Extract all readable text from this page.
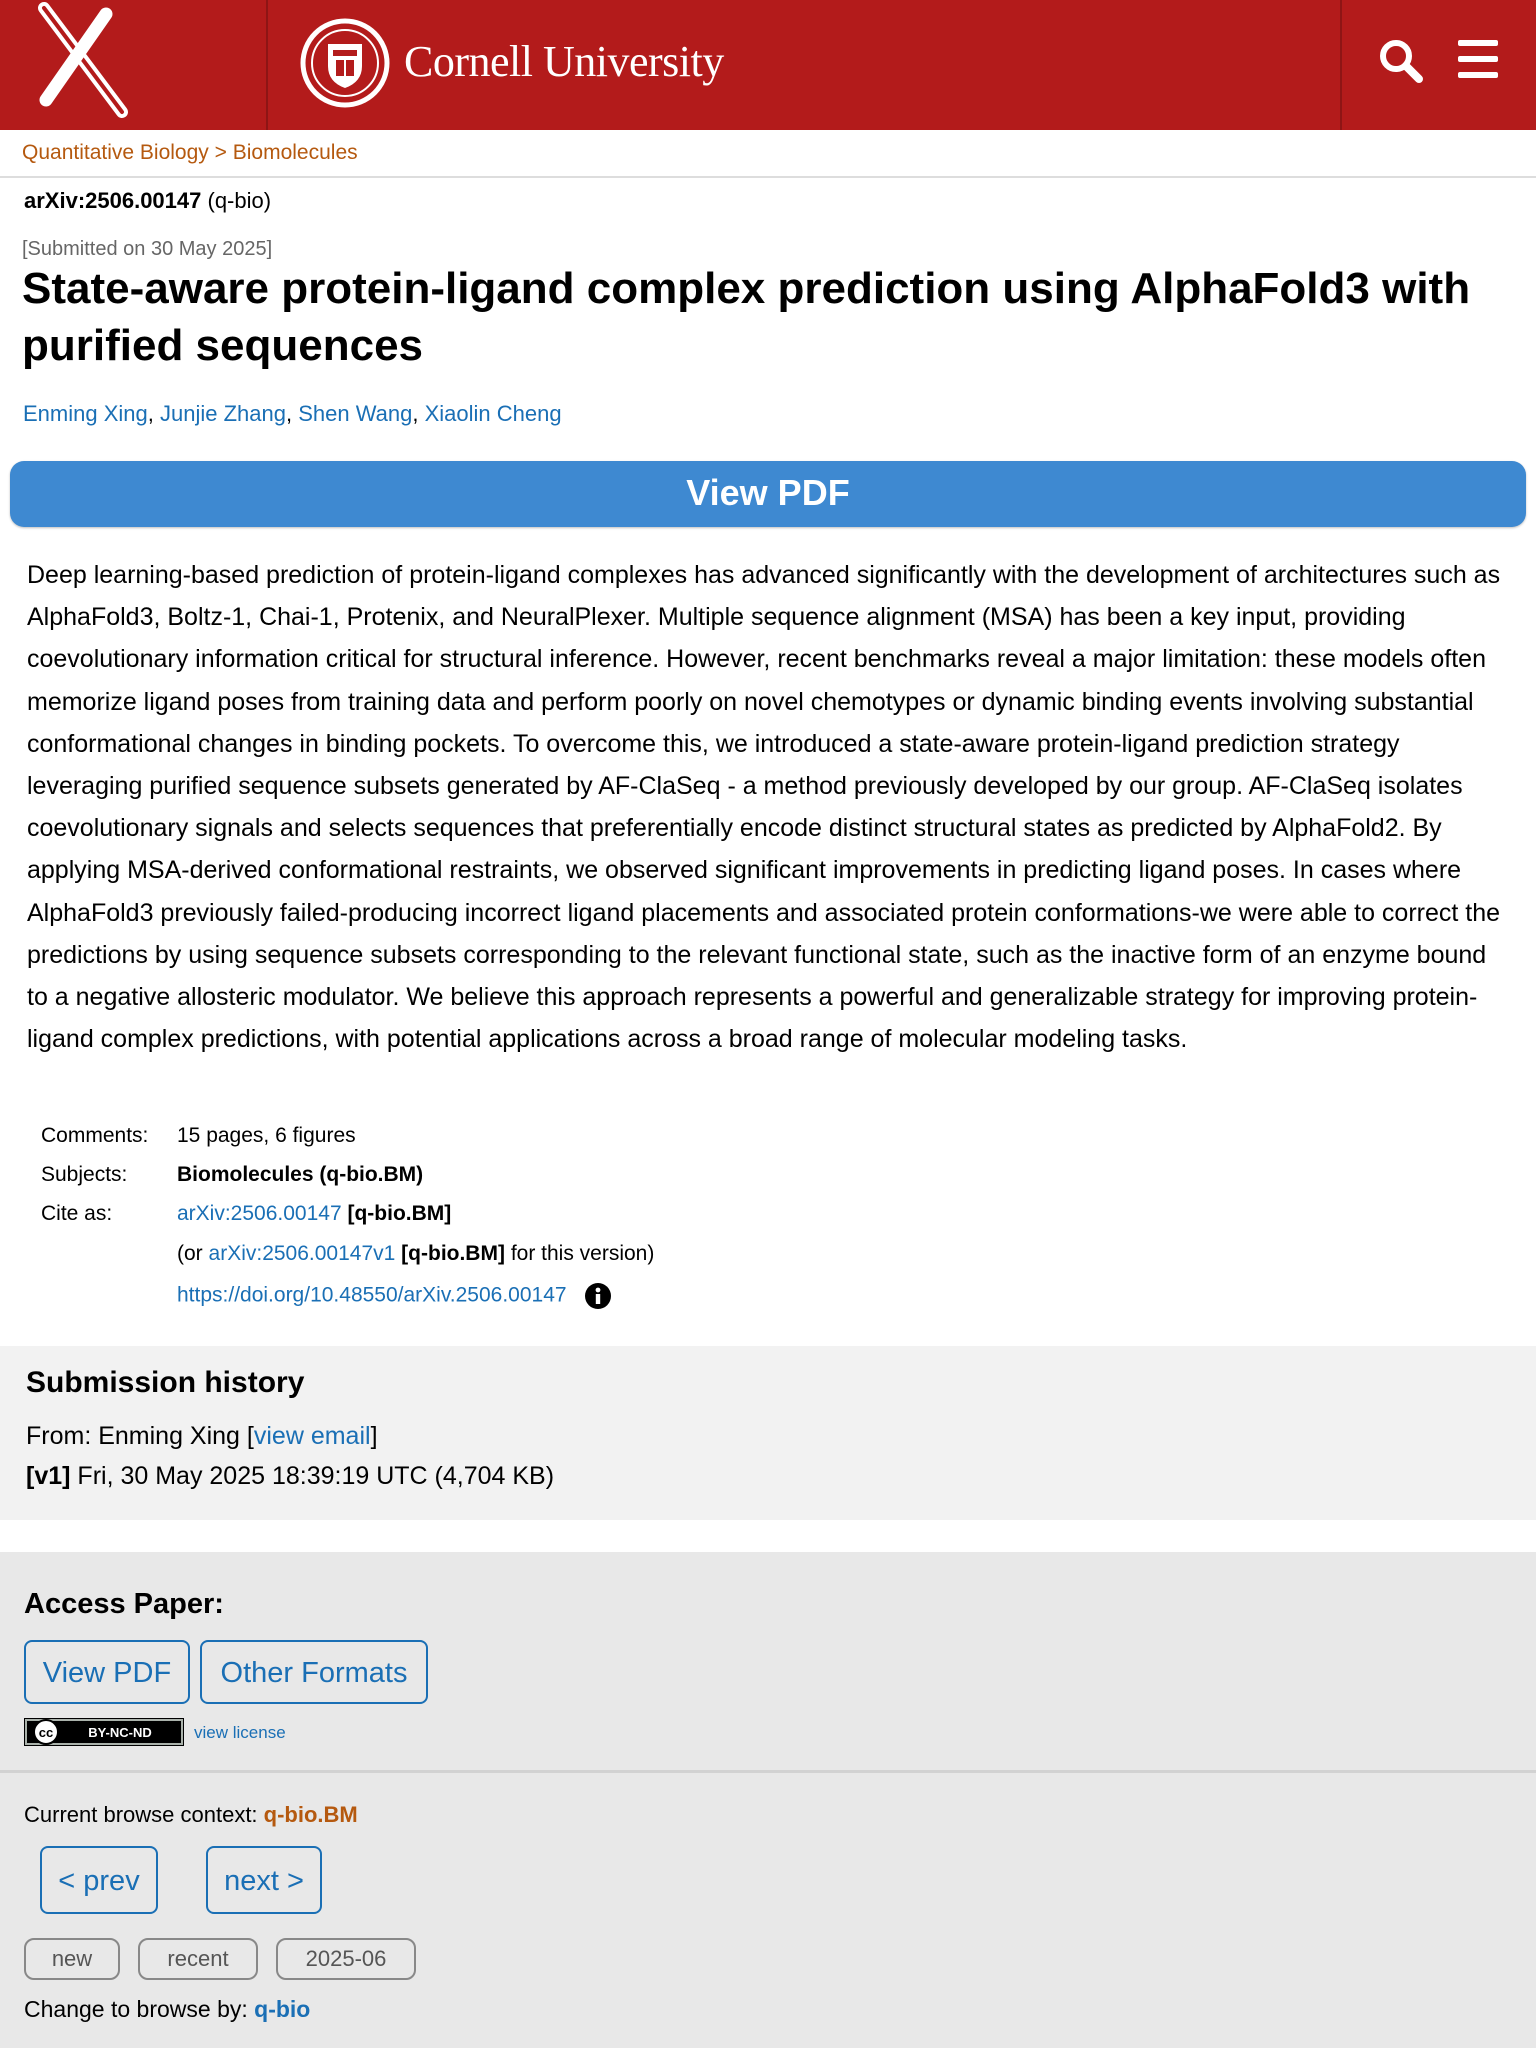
Cornell University
Quantitative Biology > Biomolecules
arXiv:2506.00147 (q-bio)
[Submitted on 30 May 2025]
State-aware protein-ligand complex prediction using AlphaFold3 with purified sequences
Enming Xing, Junjie Zhang, Shen Wang, Xiaolin Cheng
View PDF

Deep learning-based prediction of protein-ligand complexes has advanced significantly with the development of architectures such as AlphaFold3, Boltz-1, Chai-1, Protenix, and NeuralPlexer. Multiple sequence alignment (MSA) has been a key input, providing coevolutionary information critical for structural inference. However, recent benchmarks reveal a major limitation: these models often memorize ligand poses from training data and perform poorly on novel chemotypes or dynamic binding events involving substantial conformational changes in binding pockets. To overcome this, we introduced a state-aware protein-ligand prediction strategy leveraging purified sequence subsets generated by AF-ClaSeq - a method previously developed by our group. AF-ClaSeq isolates coevolutionary signals and selects sequences that preferentially encode distinct structural states as predicted by AlphaFold2. By applying MSA-derived conformational restraints, we observed significant improvements in predicting ligand poses. In cases where AlphaFold3 previously failed-producing incorrect ligand placements and associated protein conformations-we were able to correct the predictions by using sequence subsets corresponding to the relevant functional state, such as the inactive form of an enzyme bound to a negative allosteric modulator. We believe this approach represents a powerful and generalizable strategy for improving protein-ligand complex predictions, with potential applications across a broad range of molecular modeling tasks.

Comments: 15 pages, 6 figures
Subjects: Biomolecules (q-bio.BM)
Cite as:	arXiv:2506.00147 [q-bio.BM]
(or arXiv:2506.00147v1 [q-bio.BM] for this version)
https://doi.org/10.48550/arXiv.2506.00147
Submission history
From: Enming Xing [view email]
[v1] Fri, 30 May 2025 18:39:19 UTC (4,704 KB)
Access Paper:
View PDF	Other Formats
cc	BY-NC-ND view license
Current browse context: q-bio.BM
< prev	next >
new	recent	2025-06
Change to browse by: q-bio
